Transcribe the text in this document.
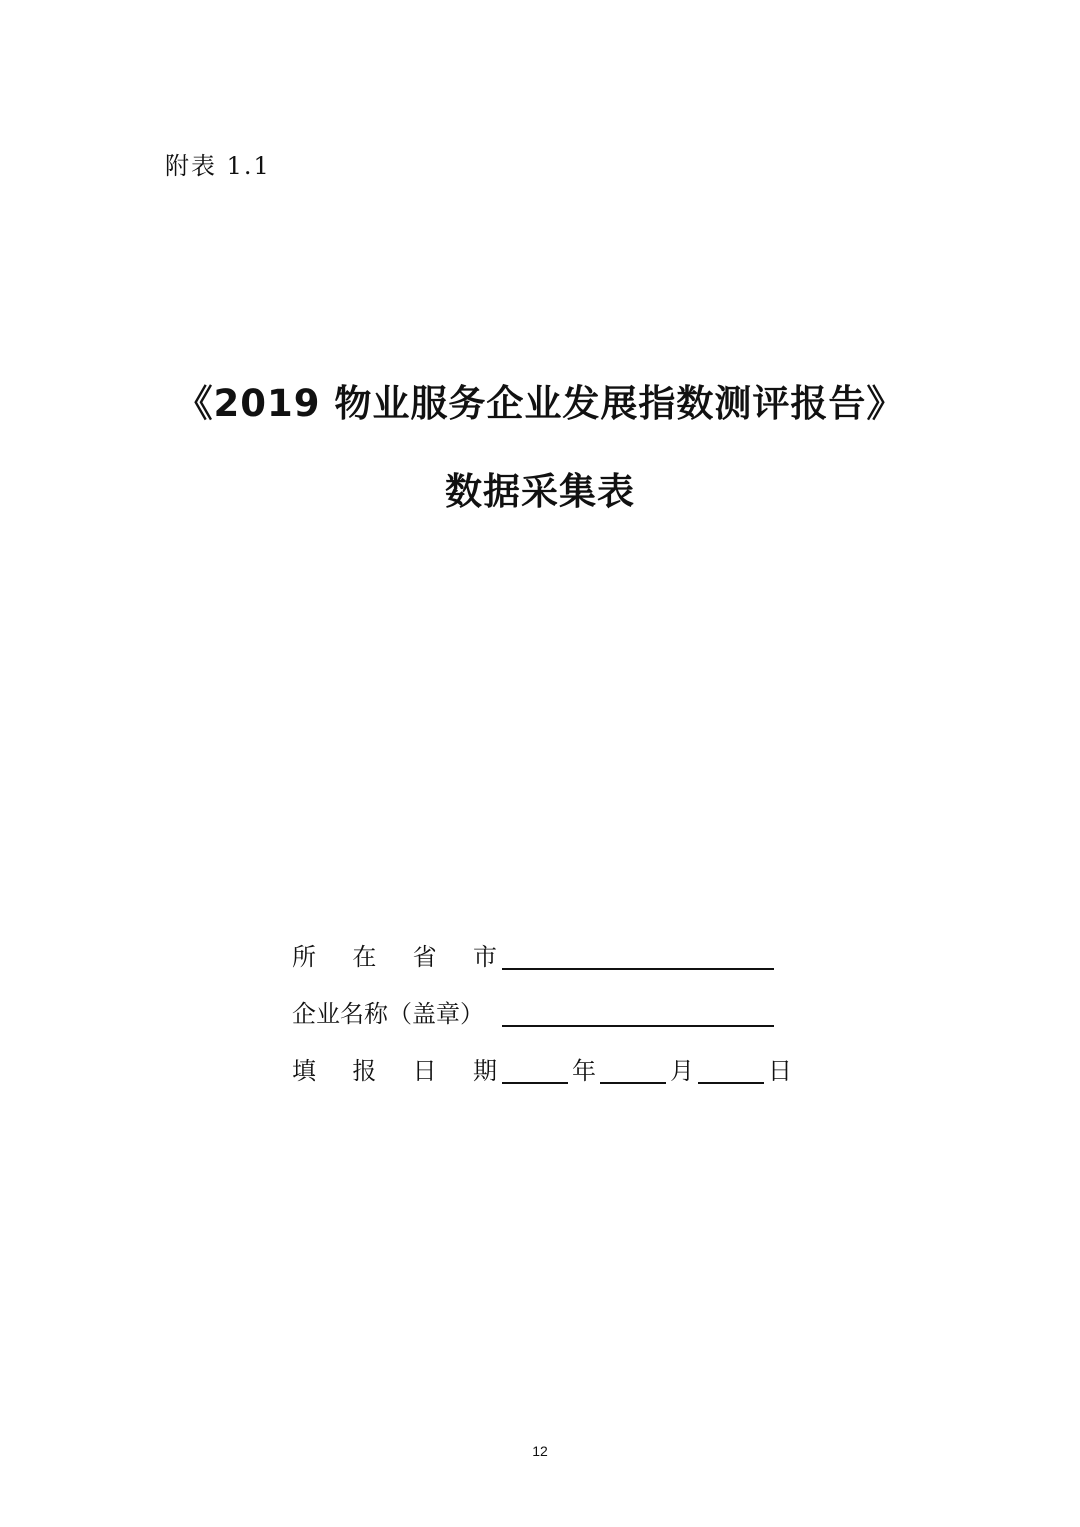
附表 1.1
《2019 物业服务企业发展指数测评报告》
数据采集表
所 在 省 市
企业名称（盖章）
填 报 日 期	年	月	日
12
